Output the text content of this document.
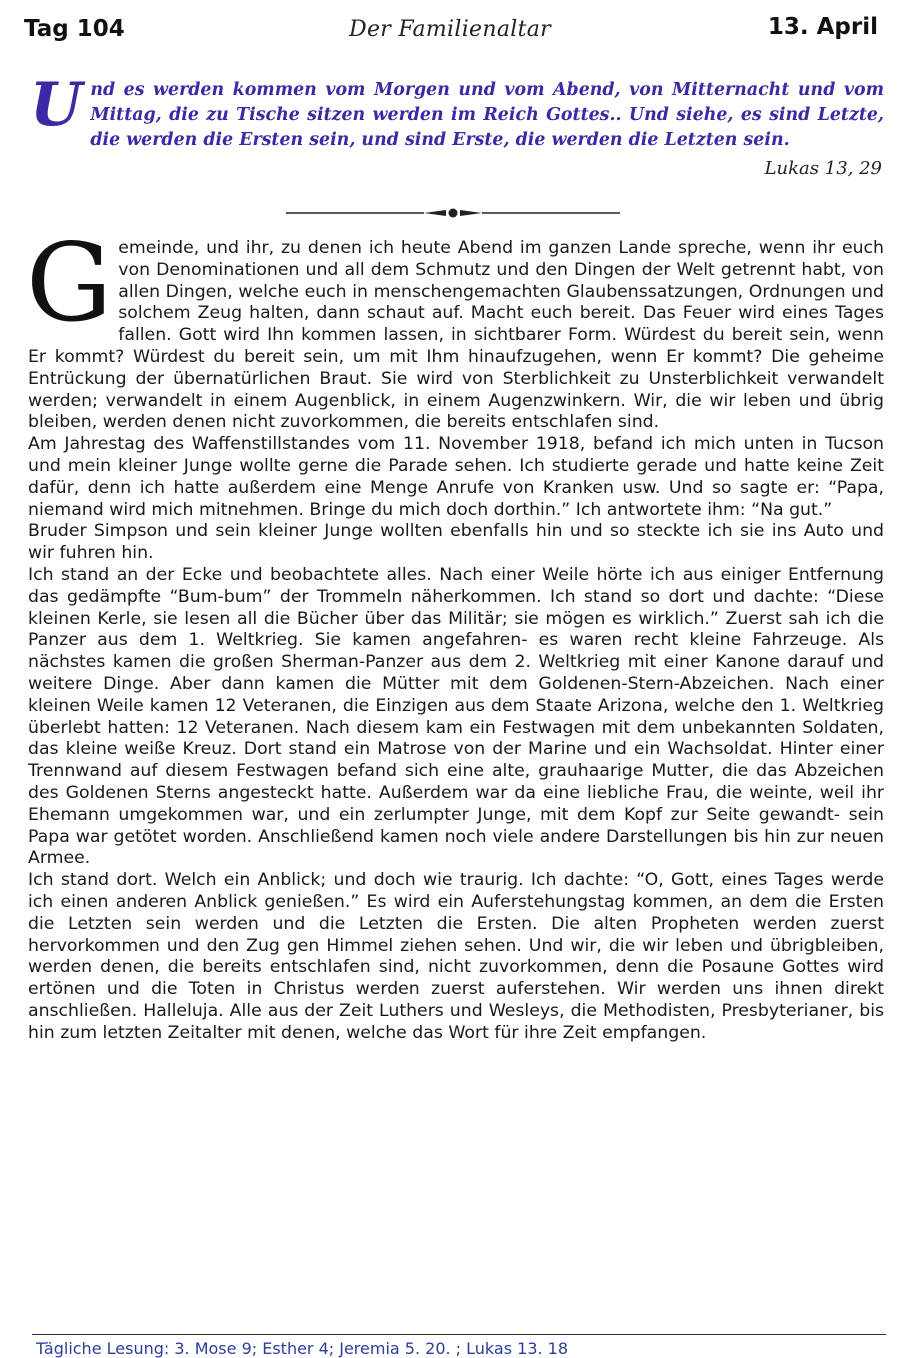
Tag 104	Der Familienaltar	13. April
Und es werden kommen vom Morgen und vom Abend, von Mitternacht und vom Mittag, die zu Tische sitzen werden im Reich Gottes.. Und siehe, es sind Letzte, die werden die Ersten sein, und sind Erste, die werden die Letzten sein.
Lukas 13, 29

Gemeinde, und ihr, zu denen ich heute Abend im ganzen Lande spreche, wenn ihr euch von Denominationen und all dem Schmutz und den Dingen der Welt getrennt habt, von allen Dingen, welche euch in menschengemachten Glaubenssatzungen, Ordnungen und solchem Zeug halten, dann schaut auf. Macht euch bereit. Das Feuer wird eines Tages fallen. Gott wird Ihn kommen lassen, in sichtbarer Form. Würdest du bereit sein, wenn Er kommt? Würdest du bereit sein, um mit Ihm hinaufzugehen, wenn Er kommt? Die geheime Entrückung der übernatürlichen Braut. Sie wird von Sterblichkeit zu Unsterblichkeit verwandelt werden; verwandelt in einem Augenblick, in einem Augenzwinkern. Wir, die wir leben und übrig bleiben, werden denen nicht zuvorkommen, die bereits entschlafen sind.

Am Jahrestag des Waffenstillstandes vom 11. November 1918, befand ich mich unten in Tucson und mein kleiner Junge wollte gerne die Parade sehen. Ich studierte gerade und hatte keine Zeit dafür, denn ich hatte außerdem eine Menge Anrufe von Kranken usw. Und so sagte er: “Papa, niemand wird mich mitnehmen. Bringe du mich doch dorthin.” Ich antwortete ihm: “Na gut.”

Bruder Simpson und sein kleiner Junge wollten ebenfalls hin und so steckte ich sie ins Auto und wir fuhren hin.

Ich stand an der Ecke und beobachtete alles. Nach einer Weile hörte ich aus einiger Entfernung das gedämpfte “Bum-bum” der Trommeln näherkommen. Ich stand so dort und dachte: “Diese kleinen Kerle, sie lesen all die Bücher über das Militär; sie mögen es wirklich.” Zuerst sah ich die Panzer aus dem 1. Weltkrieg. Sie kamen angefahren- es waren recht kleine Fahrzeuge. Als nächstes kamen die großen Sherman-Panzer aus dem 2. Weltkrieg mit einer Kanone darauf und weitere Dinge. Aber dann kamen die Mütter mit dem Goldenen-Stern-Abzeichen. Nach einer kleinen Weile kamen 12 Veteranen, die Einzigen aus dem Staate Arizona, welche den 1. Weltkrieg überlebt hatten: 12 Veteranen. Nach diesem kam ein Festwagen mit dem unbekannten Soldaten, das kleine weiße Kreuz. Dort stand ein Matrose von der Marine und ein Wachsoldat. Hinter einer Trennwand auf diesem Festwagen befand sich eine alte, grauhaarige Mutter, die das Abzeichen des Goldenen Sterns angesteckt hatte. Außerdem war da eine liebliche Frau, die weinte, weil ihr Ehemann umgekommen war, und ein zerlumpter Junge, mit dem Kopf zur Seite gewandt- sein Papa war getötet worden. Anschließend kamen noch viele andere Darstellungen bis hin zur neuen Armee.

Ich stand dort. Welch ein Anblick; und doch wie traurig. Ich dachte: “O, Gott, eines Tages werde ich einen anderen Anblick genießen.” Es wird ein Auferstehungstag kommen, an dem die Ersten die Letzten sein werden und die Letzten die Ersten. Die alten Propheten werden zuerst hervorkommen und den Zug gen Himmel ziehen sehen. Und wir, die wir leben und übrigbleiben, werden denen, die bereits entschlafen sind, nicht zuvorkommen, denn die Posaune Gottes wird ertönen und die Toten in Christus werden zuerst auferstehen. Wir werden uns ihnen direkt anschließen. Halleluja. Alle aus der Zeit Luthers und Wesleys, die Methodisten, Presbyterianer, bis hin zum letzten Zeitalter mit denen, welche das Wort für ihre Zeit empfangen.

Tägliche Lesung: 3. Mose 9; Esther 4; Jeremia 5. 20. ; Lukas 13. 18
